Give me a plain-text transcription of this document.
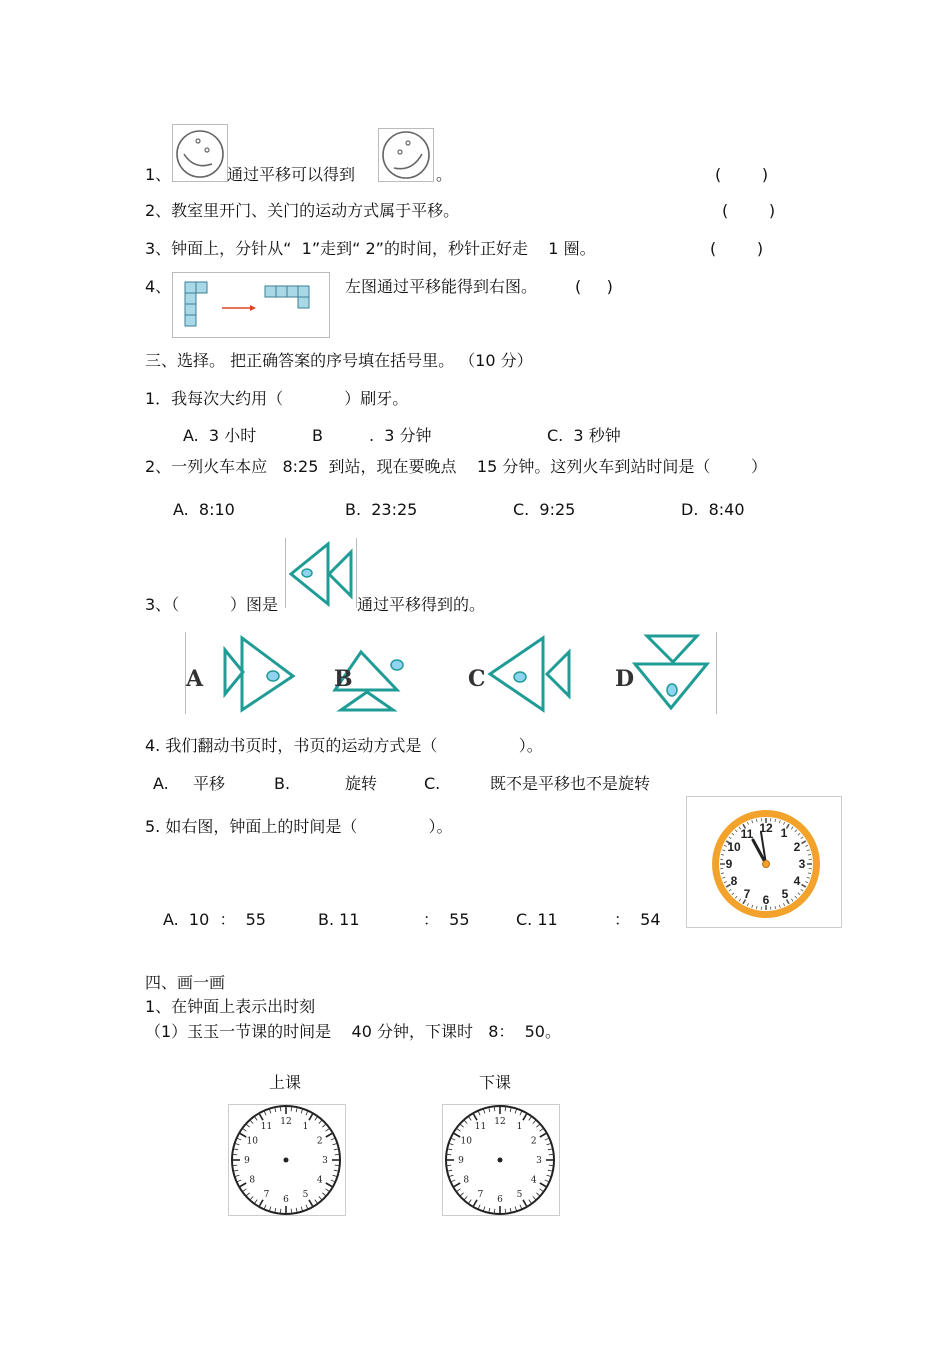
1、	通过平移可以得到	。	(        )
2、教室里开门、关门的运动方式属于平移。	(        )
3、钟面上，分针从“  1”走到“ 2”的时间，秒针正好走    1 圈。	(        )
4、	左图通过平移能得到右图。 (     )
三、选择。 把正确答案的序号填在括号里。 （10 分）
1．我每次大约用（            ）刷牙。
A.  3 小时	B	.  3 分钟	C.  3 秒钟
2、一列火车本应   8:25  到站，现在要晚点    15 分钟。这列火车到站时间是（        ）
A.  8:10	B.  23:25	C.  9:25	D.  8:40
3、（          ）图是	通过平移得到的。
A	B	C	D
4. 我们翻动书页时，书页的运动方式是（                ）。
A. 平移	B.	旋转	C.	既不是平移也不是旋转
5. 如右图，钟面上的时间是（              ）。
A.  10  ：  55	B. 11	：  55	C. 11	：  54
12 1
2
3
4
5
6
7
8
9
10
11
四、画一画
1、在钟面上表示出时刻
（1）玉玉一节课的时间是    40 分钟，下课时   8：  50。
上课	下课
12
1
2
3
4
5
6
7
8
9
10
11
12
1
2
3
4
5
6
7
8
9
10
11
